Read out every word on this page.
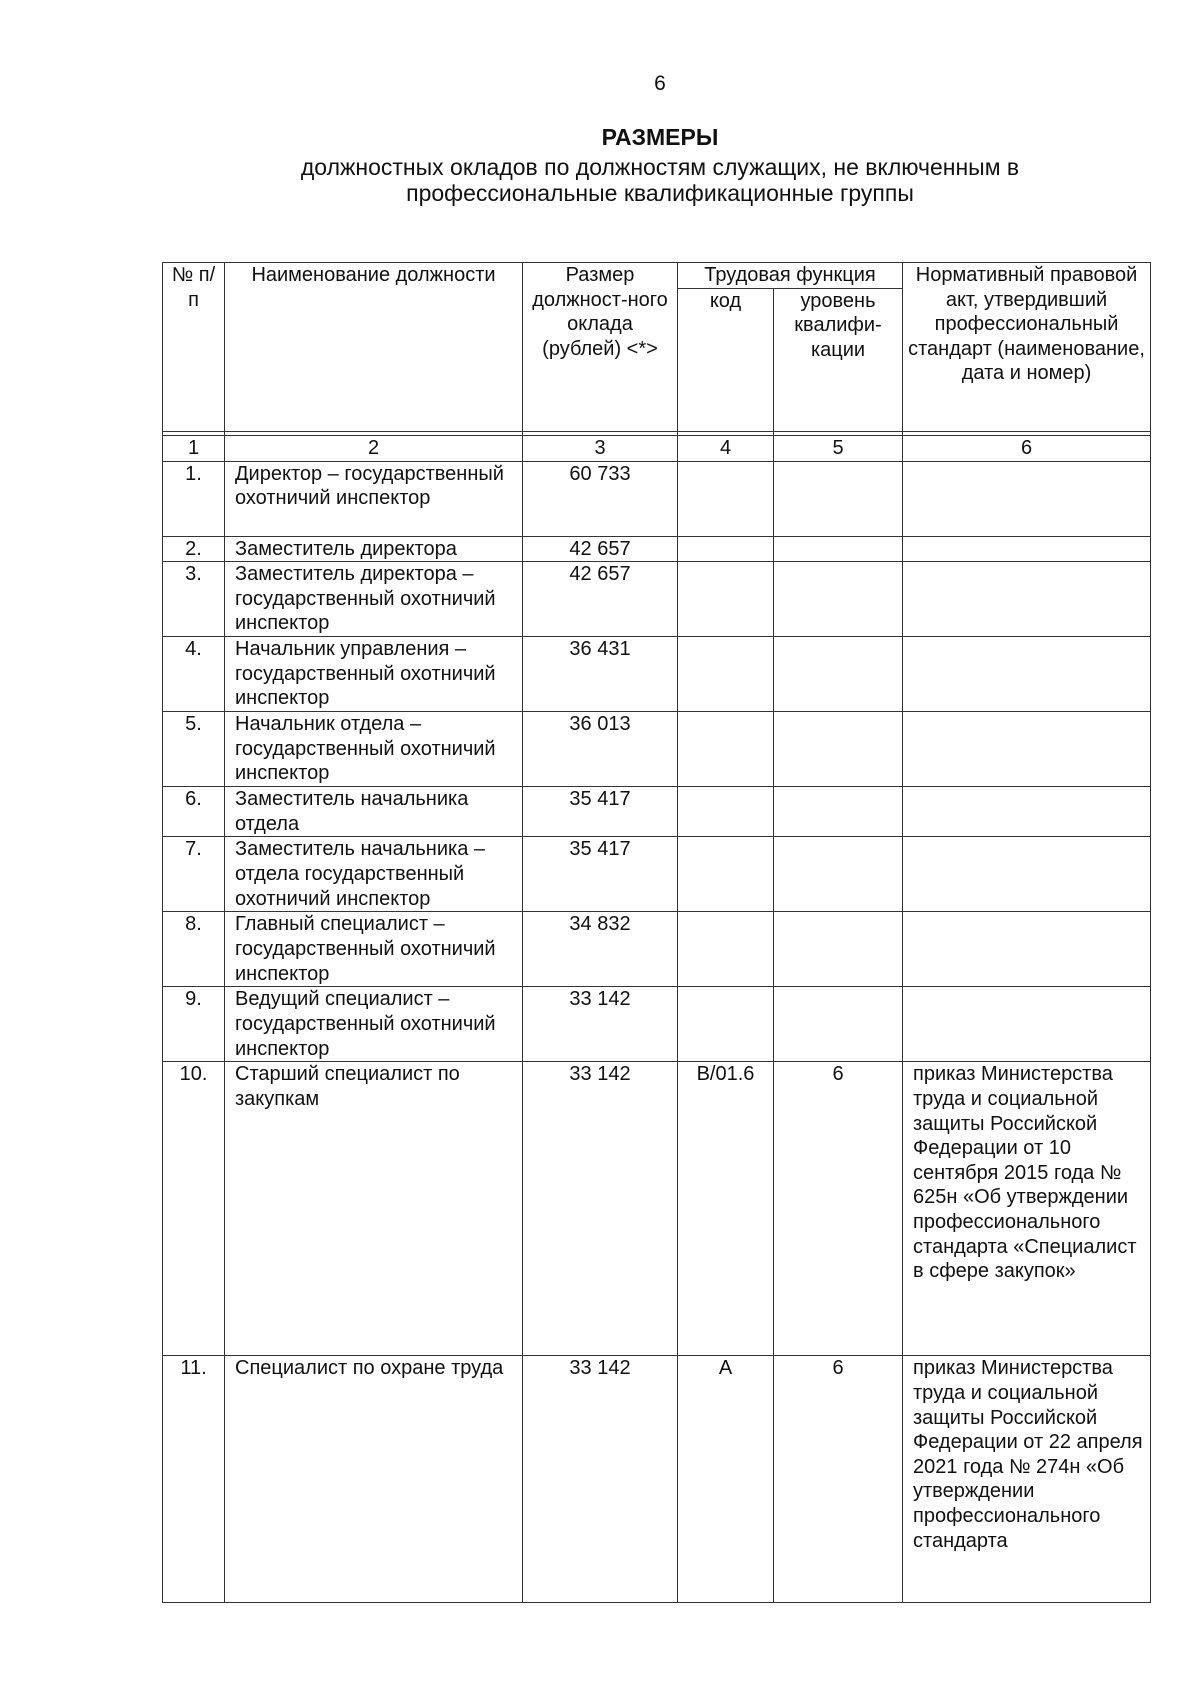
6
РАЗМЕРЫ
должностных окладов по должностям служащих, не включенным в профессиональные квалификационные группы
№ п/п	Наименование должности	Размер должност-ного оклада (рублей) <*>	Трудовая функция		Нормативный правовой акт, утвердивший профессиональный стандарт (наименование, дата и номер)
			код	уровень квалифи-кации	

1	2	3	4	5	6
1.	Директор – государственный охотничий инспектор	60 733			
2.	Заместитель директора	42 657			
3.	Заместитель директора – государственный охотничий инспектор	42 657			
4.	Начальник управления – государственный охотничий инспектор	36 431			
5.	Начальник отдела – государственный охотничий инспектор	36 013			
6.	Заместитель начальника отдела	35 417			
7.	Заместитель начальника – отдела государственный охотничий инспектор	35 417			
8.	Главный специалист – государственный охотничий инспектор	34 832			
9.	Ведущий специалист – государственный охотничий инспектор	33 142			
10.	Старший специалист по закупкам	33 142	B/01.6	6	приказ Министерства труда и социальной защиты Российской Федерации от 10 сентября 2015 года № 625н «Об утверждении профессионального стандарта «Специалист в сфере закупок»
11.	Специалист по охране труда	33 142	A	6	приказ Министерства труда и социальной защиты Российской Федерации от 22 апреля 2021 года № 274н «Об утверждении профессионального стандарта
